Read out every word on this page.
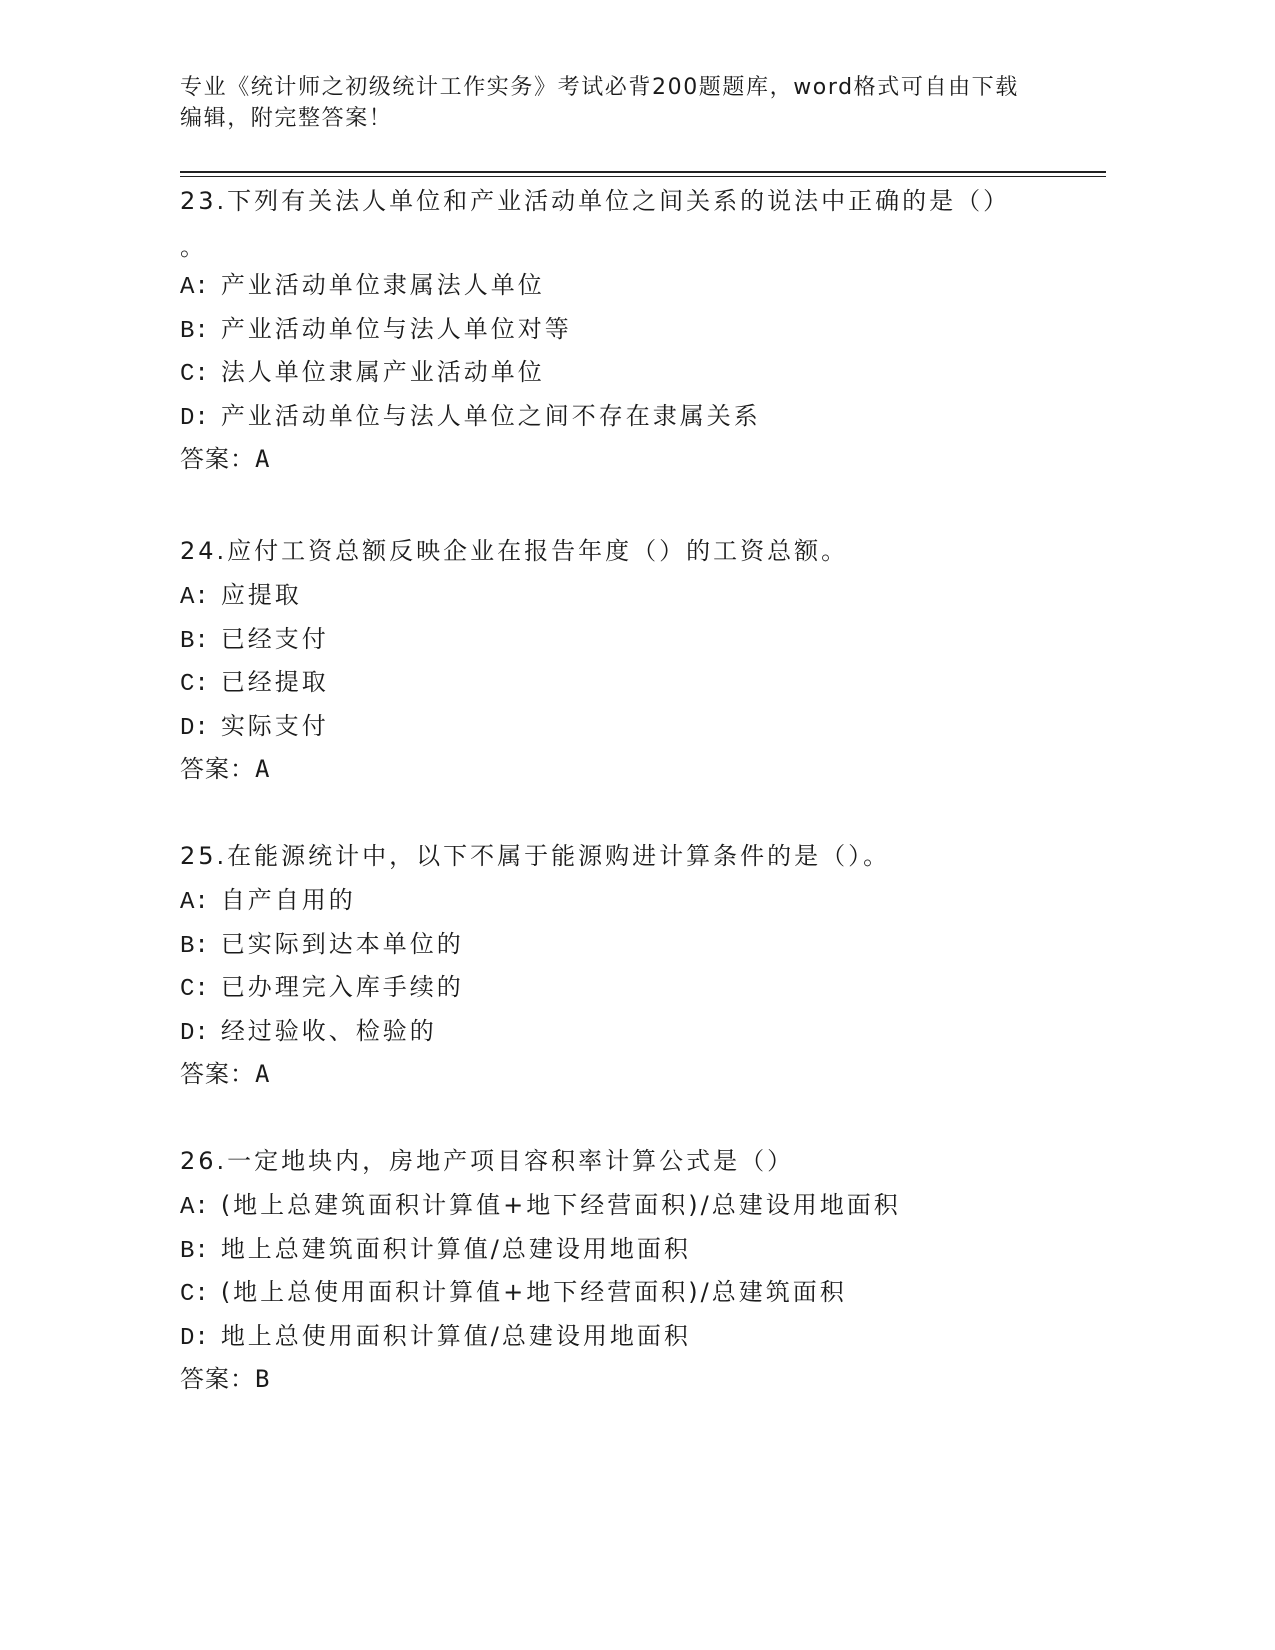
专业《统计师之初级统计工作实务》考试必背200题题库，word格式可自由下载
编辑，附完整答案！
23.下列有关法人单位和产业活动单位之间关系的说法中正确的是（）
。
A: 产业活动单位隶属法人单位
B: 产业活动单位与法人单位对等
C: 法人单位隶属产业活动单位
D: 产业活动单位与法人单位之间不存在隶属关系
答案：A
24.应付工资总额反映企业在报告年度（）的工资总额。
A: 应提取
B: 已经支付
C: 已经提取
D: 实际支付
答案：A
25.在能源统计中，以下不属于能源购进计算条件的是（）。
A: 自产自用的
B: 已实际到达本单位的
C: 已办理完入库手续的
D: 经过验收、检验的
答案：A
26.一定地块内，房地产项目容积率计算公式是（）
A: (地上总建筑面积计算值+地下经营面积)/总建设用地面积
B: 地上总建筑面积计算值/总建设用地面积
C: (地上总使用面积计算值+地下经营面积)/总建筑面积
D: 地上总使用面积计算值/总建设用地面积
答案：B
